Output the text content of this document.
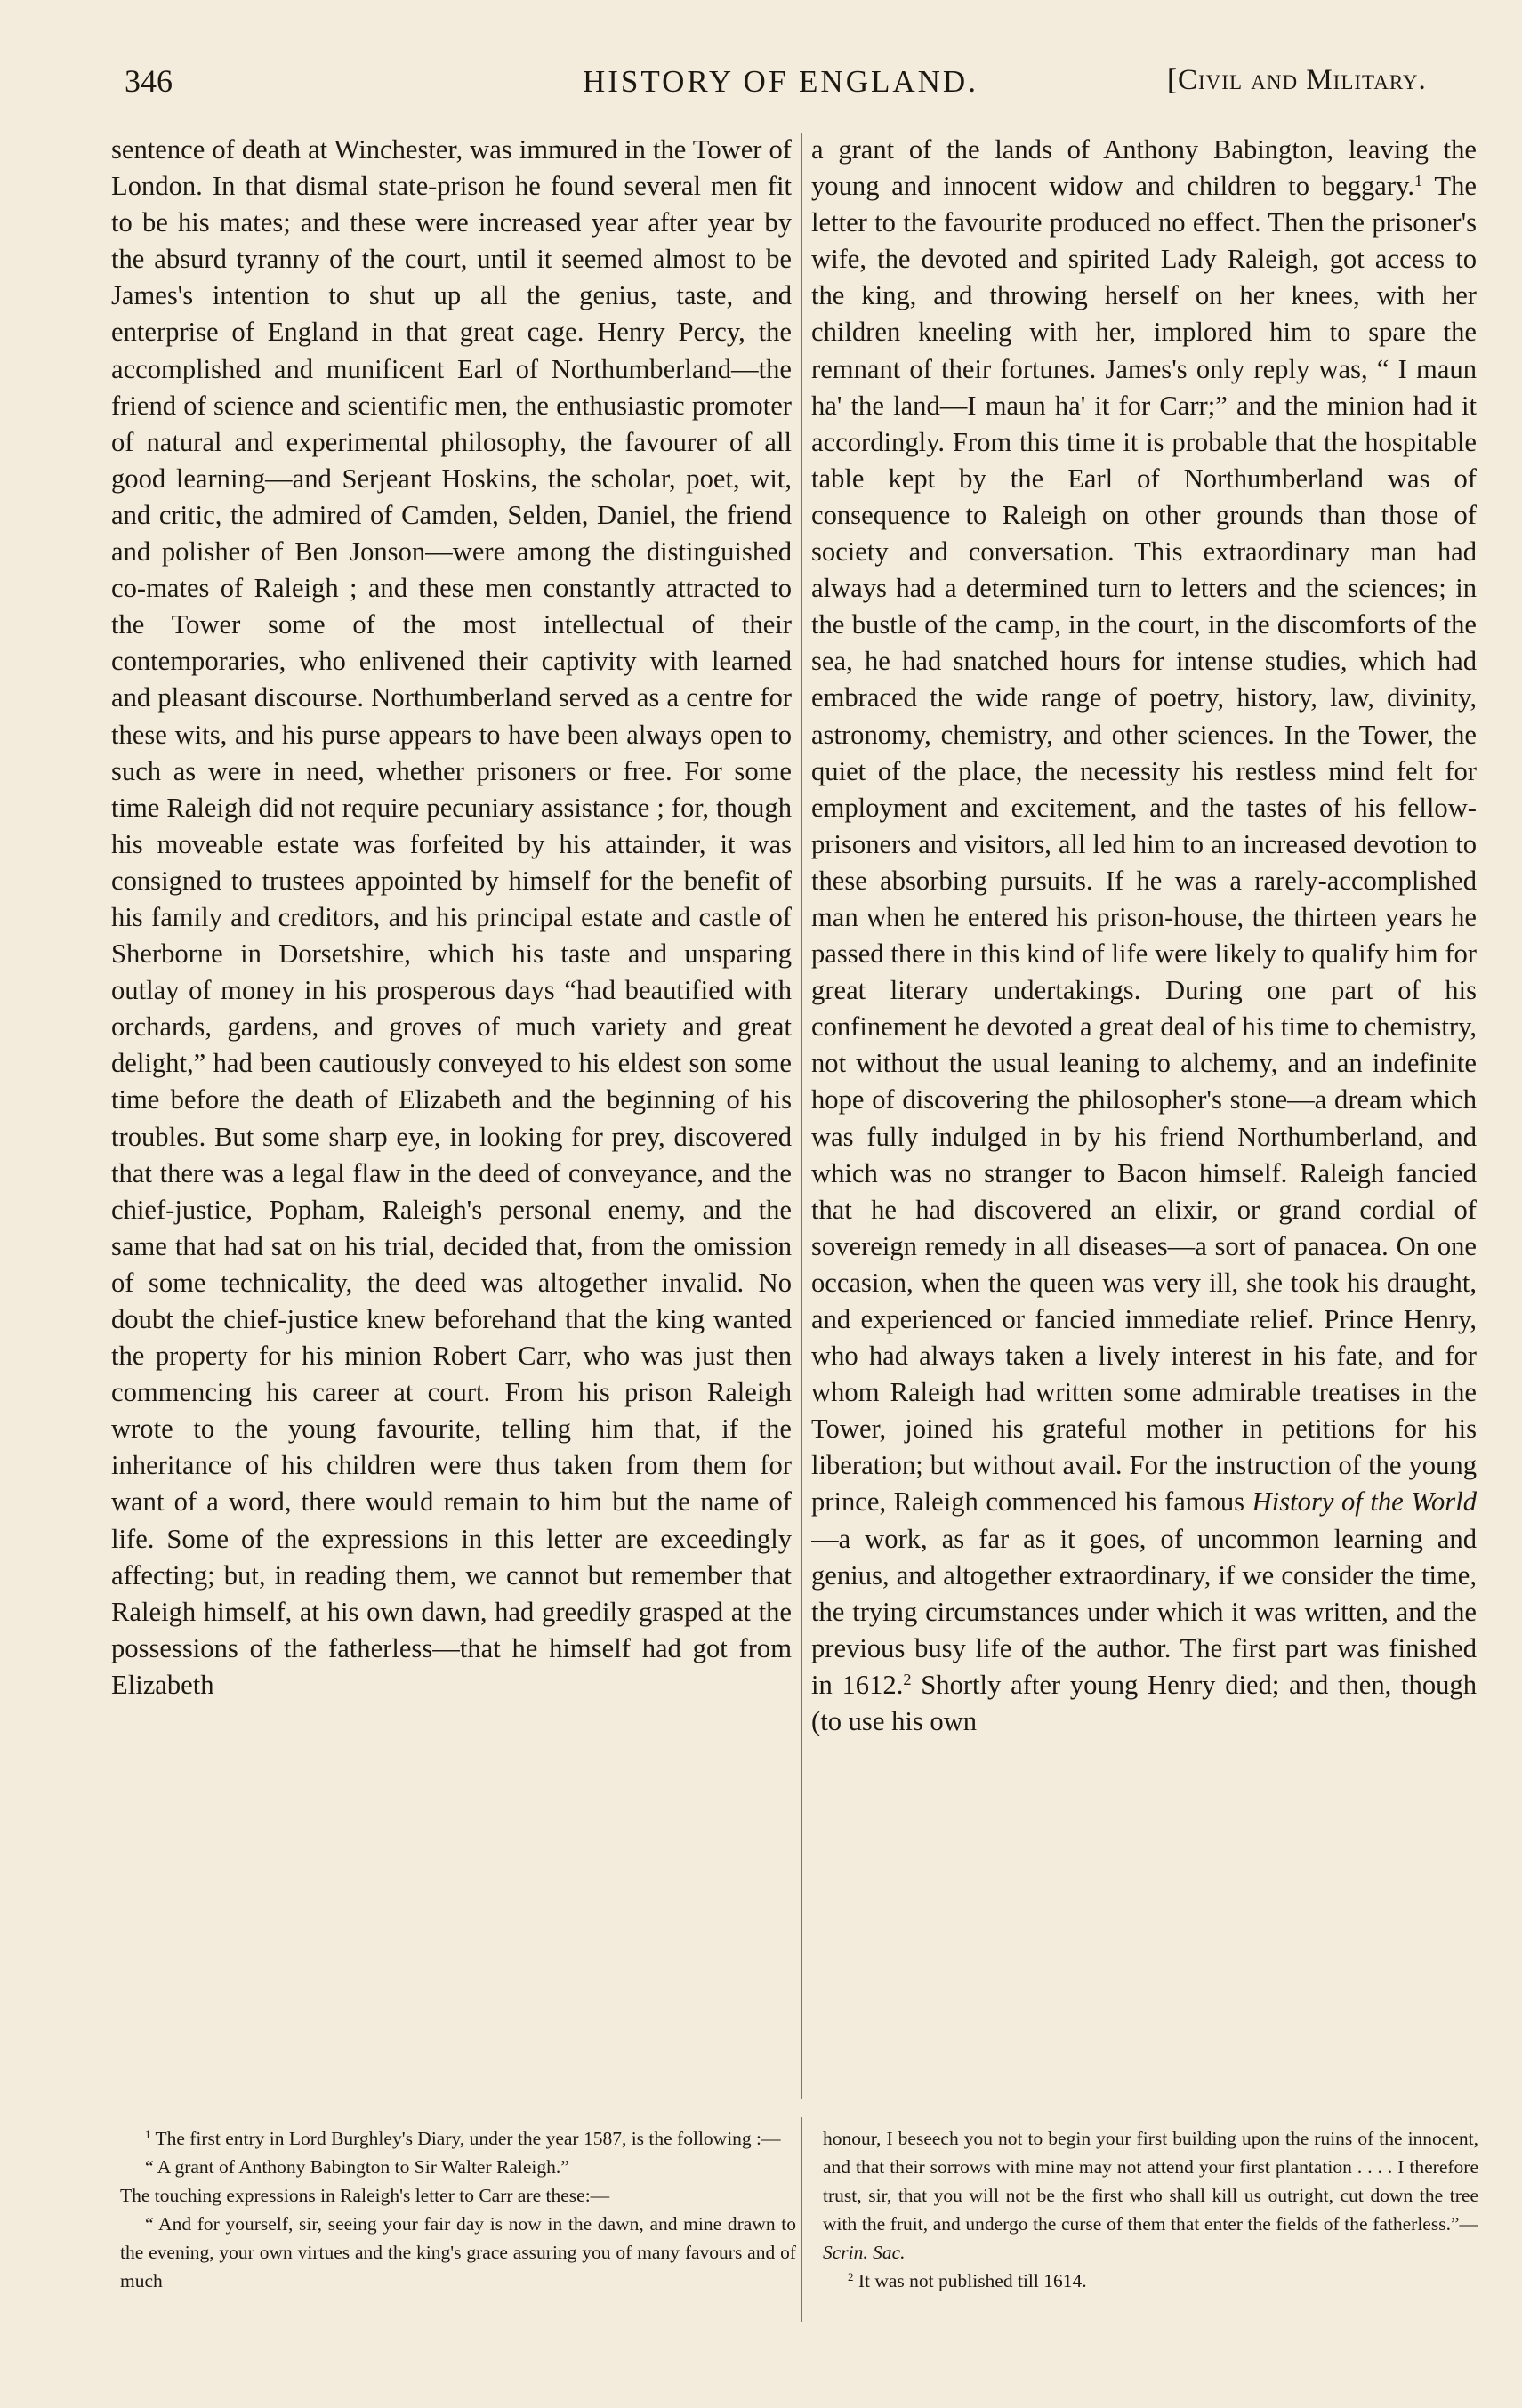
346	HISTORY OF ENGLAND.	[Civil and Military.

sentence of death at Winchester, was immured in the Tower of London. In that dismal state-prison he found several men fit to be his mates; and these were increased year after year by the absurd tyranny of the court, until it seemed almost to be James's intention to shut up all the genius, taste, and enterprise of England in that great cage. Henry Percy, the accomplished and munificent Earl of Northumberland—the friend of science and scientific men, the enthusiastic promoter of natural and experimental philosophy, the favourer of all good learning—and Serjeant Hoskins, the scholar, poet, wit, and critic, the admired of Camden, Selden, Daniel, the friend and polisher of Ben Jonson—were among the distinguished co-mates of Raleigh ; and these men constantly attracted to the Tower some of the most intellectual of their contemporaries, who enlivened their captivity with learned and pleasant discourse. Northumberland served as a centre for these wits, and his purse appears to have been always open to such as were in need, whether prisoners or free. For some time Raleigh did not require pecuniary assistance ; for, though his moveable estate was forfeited by his attainder, it was consigned to trustees appointed by himself for the benefit of his family and creditors, and his principal estate and castle of Sherborne in Dorsetshire, which his taste and unsparing outlay of money in his prosperous days “had beautified with orchards, gardens, and groves of much variety and great delight,” had been cautiously conveyed to his eldest son some time before the death of Elizabeth and the beginning of his troubles. But some sharp eye, in looking for prey, discovered that there was a legal flaw in the deed of conveyance, and the chief-justice, Popham, Raleigh's personal enemy, and the same that had sat on his trial, decided that, from the omission of some technicality, the deed was altogether invalid. No doubt the chief-justice knew beforehand that the king wanted the property for his minion Robert Carr, who was just then commencing his career at court. From his prison Raleigh wrote to the young favourite, telling him that, if the inheritance of his children were thus taken from them for want of a word, there would remain to him but the name of life. Some of the expressions in this letter are exceedingly affecting; but, in reading them, we cannot but remember that Raleigh himself, at his own dawn, had greedily grasped at the possessions of the fatherless—that he himself had got from Elizabeth

a grant of the lands of Anthony Babington, leaving the young and innocent widow and children to beggary.$^1$ The letter to the favourite produced no effect. Then the prisoner's wife, the devoted and spirited Lady Raleigh, got access to the king, and throwing herself on her knees, with her children kneeling with her, implored him to spare the remnant of their fortunes. James's only reply was, “ I maun ha' the land—I maun ha' it for Carr;” and the minion had it accordingly. From this time it is probable that the hospitable table kept by the Earl of Northumberland was of consequence to Raleigh on other grounds than those of society and conversation. This extraordinary man had always had a determined turn to letters and the sciences; in the bustle of the camp, in the court, in the discomforts of the sea, he had snatched hours for intense studies, which had embraced the wide range of poetry, history, law, divinity, astronomy, chemistry, and other sciences. In the Tower, the quiet of the place, the necessity his restless mind felt for employment and excitement, and the tastes of his fellow-prisoners and visitors, all led him to an increased devotion to these absorbing pursuits. If he was a rarely-accomplished man when he entered his prison-house, the thirteen years he passed there in this kind of life were likely to qualify him for great literary undertakings. During one part of his confinement he devoted a great deal of his time to chemistry, not without the usual leaning to alchemy, and an indefinite hope of discovering the philosopher's stone—a dream which was fully indulged in by his friend Northumberland, and which was no stranger to Bacon himself. Raleigh fancied that he had discovered an elixir, or grand cordial of sovereign remedy in all diseases—a sort of panacea. On one occasion, when the queen was very ill, she took his draught, and experienced or fancied immediate relief. Prince Henry, who had always taken a lively interest in his fate, and for whom Raleigh had written some admirable treatises in the Tower, joined his grateful mother in petitions for his liberation; but without avail. For the instruction of the young prince, Raleigh commenced his famous History of the World—a work, as far as it goes, of uncommon learning and genius, and altogether extraordinary, if we consider the time, the trying circumstances under which it was written, and the previous busy life of the author. The first part was finished in 1612.$^2$ Shortly after young Henry died; and then, though (to use his own

$^1$ The first entry in Lord Burghley's Diary, under the year 1587, is the following :—

“ A grant of Anthony Babington to Sir Walter Raleigh.”

The touching expressions in Raleigh's letter to Carr are these:—

“ And for yourself, sir, seeing your fair day is now in the dawn, and mine drawn to the evening, your own virtues and the king's grace assuring you of many favours and of much

honour, I beseech you not to begin your first building upon the ruins of the innocent, and that their sorrows with mine may not attend your first plantation . . . . I therefore trust, sir, that you will not be the first who shall kill us outright, cut down the tree with the fruit, and undergo the curse of them that enter the fields of the fatherless.”—Scrin. Sac.

$^2$ It was not published till 1614.
